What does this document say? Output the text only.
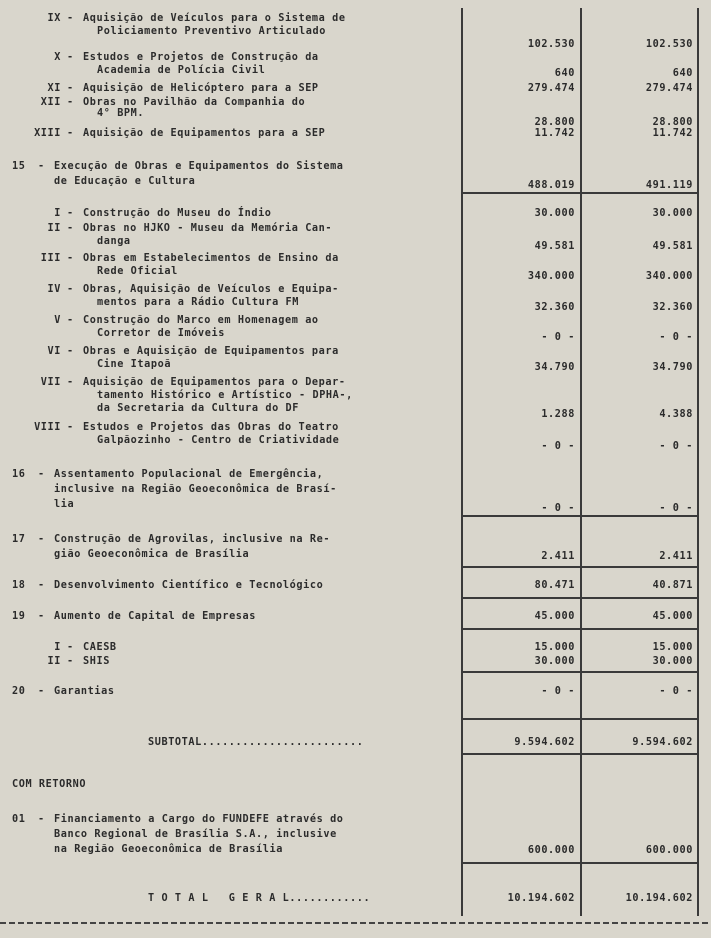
IX - Aquisição de Veículos para o Sistema de
Policiamento Preventivo Articulado
102.530	102.530
X - Estudos e Projetos de Construção da
Academia de Polícia Civil	640	640
XI - Aquisição de Helicóptero para a SEP	279.474	279.474
XII - Obras no Pavilhão da Companhia do
4° BPM.
28.800	28.800
XIII - Aquisição de Equipamentos para a SEP	11.742	11.742
15 - Execução de Obras e Equipamentos do Sistema
de Educação e Cultura	488.019	491.119
I - Construção do Museu do Índio	30.000	30.000
II - Obras no HJKO - Museu da Memória Can-
danga	49.581	49.581
III - Obras em Estabelecimentos de Ensino da
Rede Oficial	340.000	340.000
IV - Obras, Aquisição de Veículos e Equipa-
mentos para a Rádio Cultura FM	32.360	32.360
V - Construção do Marco em Homenagem ao
Corretor de Imóveis	- 0 -	- 0 -
VI - Obras e Aquisição de Equipamentos para
Cine Itapoã	34.790	34.790
VII - Aquisição de Equipamentos para o Depar-
tamento Histórico e Artístico - DPHA-,
da Secretaria da Cultura do DF
1.288	4.388
VIII - Estudos e Projetos das Obras do Teatro
Galpãozinho - Centro de Criatividade
- 0 -	- 0 -
16 - Assentamento Populacional de Emergência,
inclusive na Região Geoeconômica de Brasí-
lia	- 0 -	- 0 -
17 - Construção de Agrovilas, inclusive na Re-
gião Geoeconômica de Brasília	2.411	2.411
18 - Desenvolvimento Científico e Tecnológico	80.471	40.871
19 - Aumento de Capital de Empresas	45.000	45.000
I - CAESB	15.000	15.000
II - SHIS	30.000	30.000
20 - Garantias	- 0 -	- 0 -
SUBTOTAL........................	9.594.602	9.594.602
COM RETORNO
01 - Financiamento a Cargo do FUNDEFE através do
Banco Regional de Brasília S.A., inclusive
na Região Geoeconômica de Brasília	600.000	600.000
T O T A L   G E R A L............	10.194.602	10.194.602
